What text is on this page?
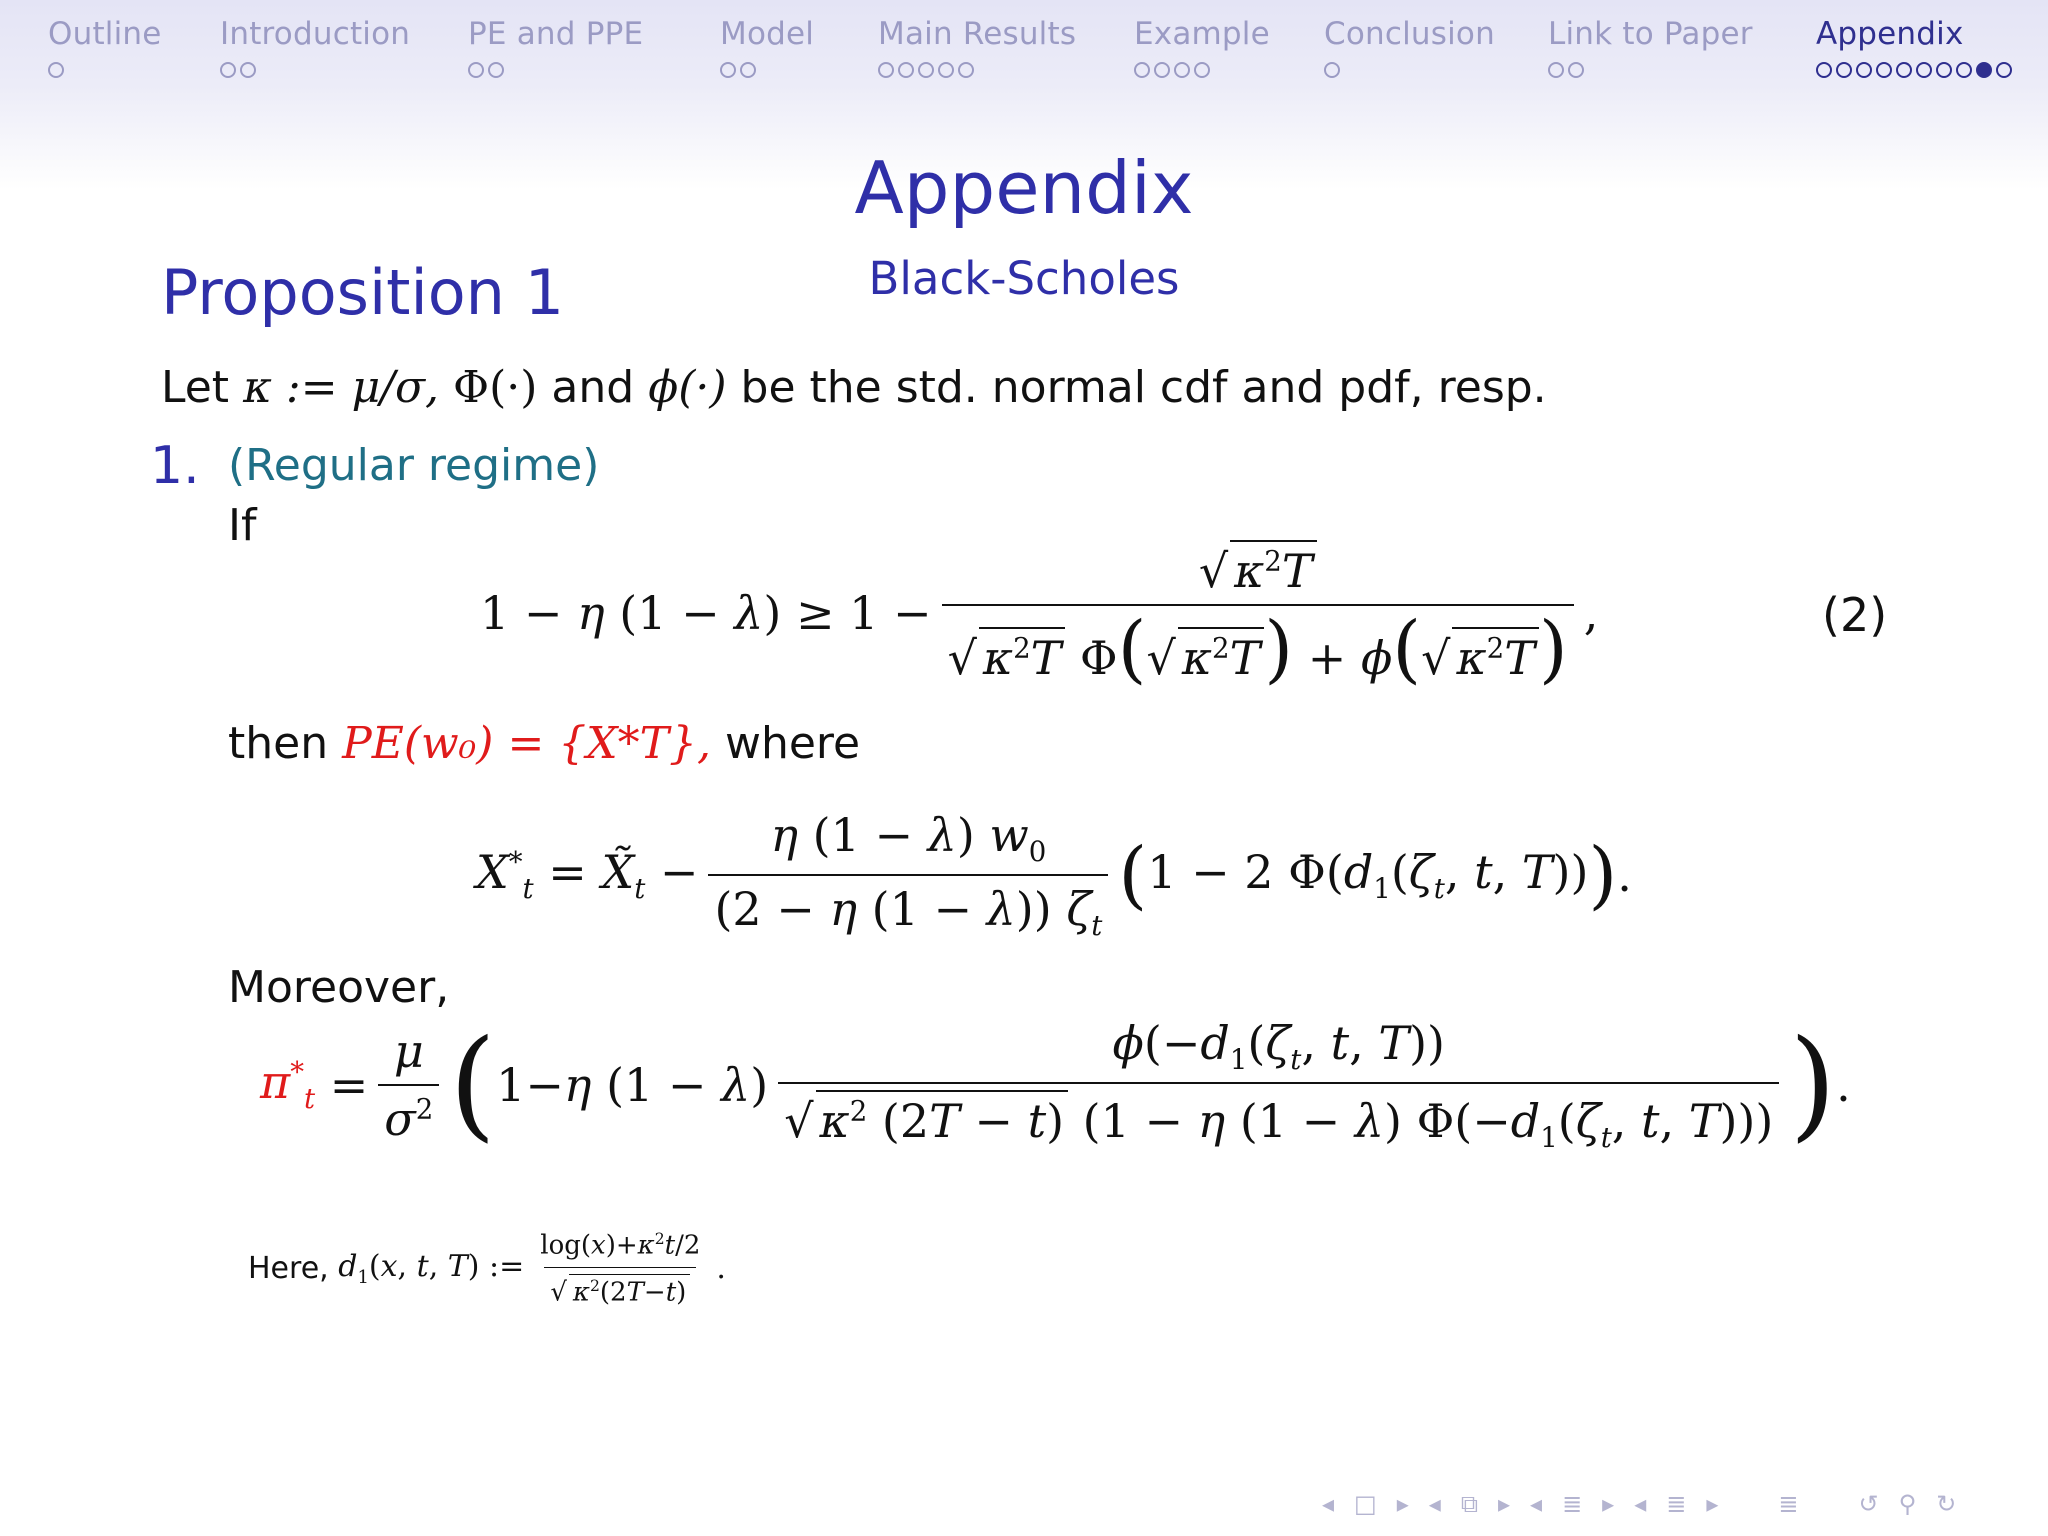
Outline Introduction PE and PPE Model Main Results Example Conclusion Link to Paper Appendix
Appendix
Black-Scholes
Proposition 1
Let κ := μ/σ, Φ(·) and ϕ(·) be the std. normal cdf and pdf, resp.
1. (Regular regime)
If
1 − η $(1 - \lambda) \ge 1 - \frac{√ \kappa^2T}{√ \kappa^2T \Phi(√ \kappa^2T) + \phi(√ \kappa^2T)}$ ,	(2)
then PE(w₀) = {X*T}, where
$X^*_t$ = $X̃_t - \frac{\eta (1 - \lambda) w_0}{(2 - \eta (1 - \lambda)) \zeta_t}$ ( 1 − 2 $\Phi(d_1(\zeta_t$, t, T)) ) .
Moreover,
$\pi^*_t = \frac{\mu}{\sigma^2}$ ( 1−η $(1 - \lambda) \frac{\phi(-d_1(\zeta_t, t, T))}{√ \kappa^2 (2T - t) (1 - \eta (1 - \lambda) \Phi(-d_1(\zeta_t, t, T)))}$ ) .
Here, $d_1(x$, t, T) := $\frac{\log(x)+\kappa^2t/2}{√ \kappa^2(2T-t)}$ .
◂ □ ▸ ◂ ⧉ ▸ ◂ ≣ ▸ ◂ ≣ ▸	≣	↺ ⚲ ↻
